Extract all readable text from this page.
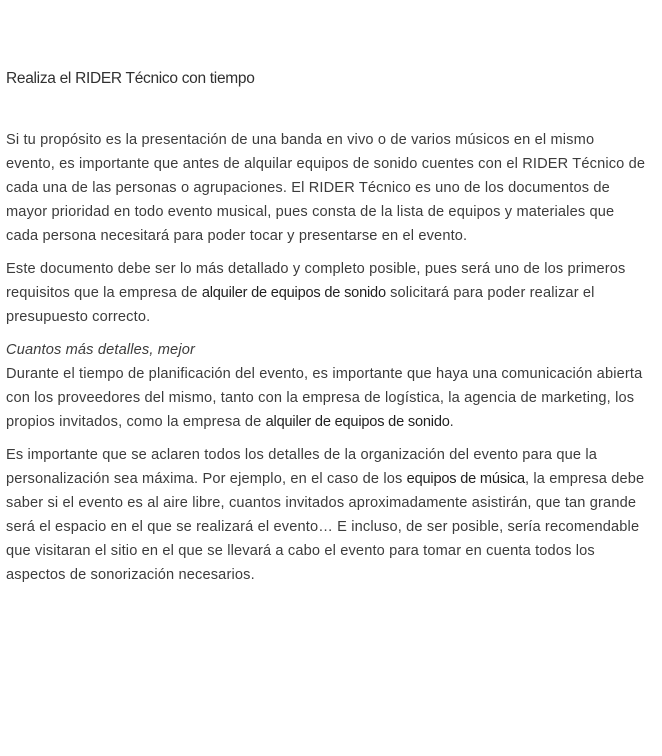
Realiza el RIDER Técnico con tiempo

Si tu propósito es la presentación de una banda en vivo o de varios músicos en el mismo evento, es importante que antes de alquilar equipos de sonido cuentes con el RIDER Técnico de cada una de las personas o agrupaciones. El RIDER Técnico es uno de los documentos de mayor prioridad en todo evento musical, pues consta de la lista de equipos y materiales que cada persona necesitará para poder tocar y presentarse en el evento.

Este documento debe ser lo más detallado y completo posible, pues será uno de los primeros requisitos que la empresa de alquiler de equipos de sonido solicitará para poder realizar el presupuesto correcto.

Cuantos más detalles, mejor

Durante el tiempo de planificación del evento, es importante que haya una comunicación abierta con los proveedores del mismo, tanto con la empresa de logística, la agencia de marketing, los propios invitados, como la empresa de alquiler de equipos de sonido.

Es importante que se aclaren todos los detalles de la organización del evento para que la personalización sea máxima. Por ejemplo, en el caso de los equipos de música, la empresa debe saber si el evento es al aire libre, cuantos invitados aproximadamente asistirán, que tan grande será el espacio en el que se realizará el evento… E incluso, de ser posible, sería recomendable que visitaran el sitio en el que se llevará a cabo el evento para tomar en cuenta todos los aspectos de sonorización necesarios.
